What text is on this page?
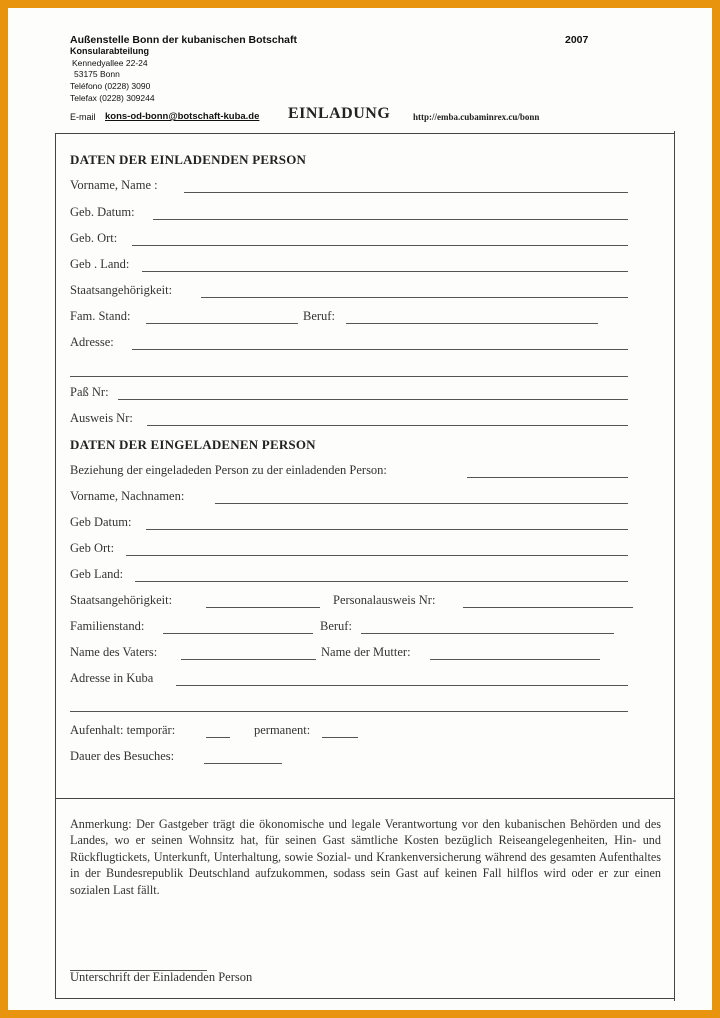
Außenstelle Bonn der kubanischen Botschaft	2007
Konsularabteilung
Kennedyallee 22-24
53175 Bonn
Teléfono (0228) 3090
Telefax (0228) 309244
E-mail kons-od-bonn@botschaft-kuba.de EINLADUNG	http://emba.cubaminrex.cu/bonn
DATEN DER EINLADENDEN PERSON
Vorname, Name :
Geb. Datum:
Geb. Ort:
Geb . Land:
Staatsangehörigkeit:
Fam. Stand:	Beruf:
Adresse:
Paß Nr:
Ausweis Nr:
DATEN DER EINGELADENEN PERSON
Beziehung der eingeladeden Person zu der einladenden Person:
Vorname, Nachnamen:
Geb Datum:
Geb Ort:
Geb Land:
Staatsangehörigkeit:	Personalausweis Nr:
Familienstand:	Beruf:
Name des Vaters:	Name der Mutter:
Adresse in Kuba
Aufenhalt: temporär:	permanent:
Dauer des Besuches:
Anmerkung: Der Gastgeber trägt die ökonomische und legale Verantwortung vor den kubanischen Behörden und des Landes, wo er seinen Wohnsitz hat, für seinen Gast sämtliche Kosten bezüglich Reiseangelegenheiten, Hin- und Rückflugtickets, Unterkunft, Unterhaltung, sowie Sozial- und Krankenversicherung während des gesamten Aufenthaltes in der Bundesrepublik Deutschland aufzukommen, sodass sein Gast auf keinen Fall hilflos wird oder er zur einen sozialen Last fällt.
Unterschrift der Einladenden Person
